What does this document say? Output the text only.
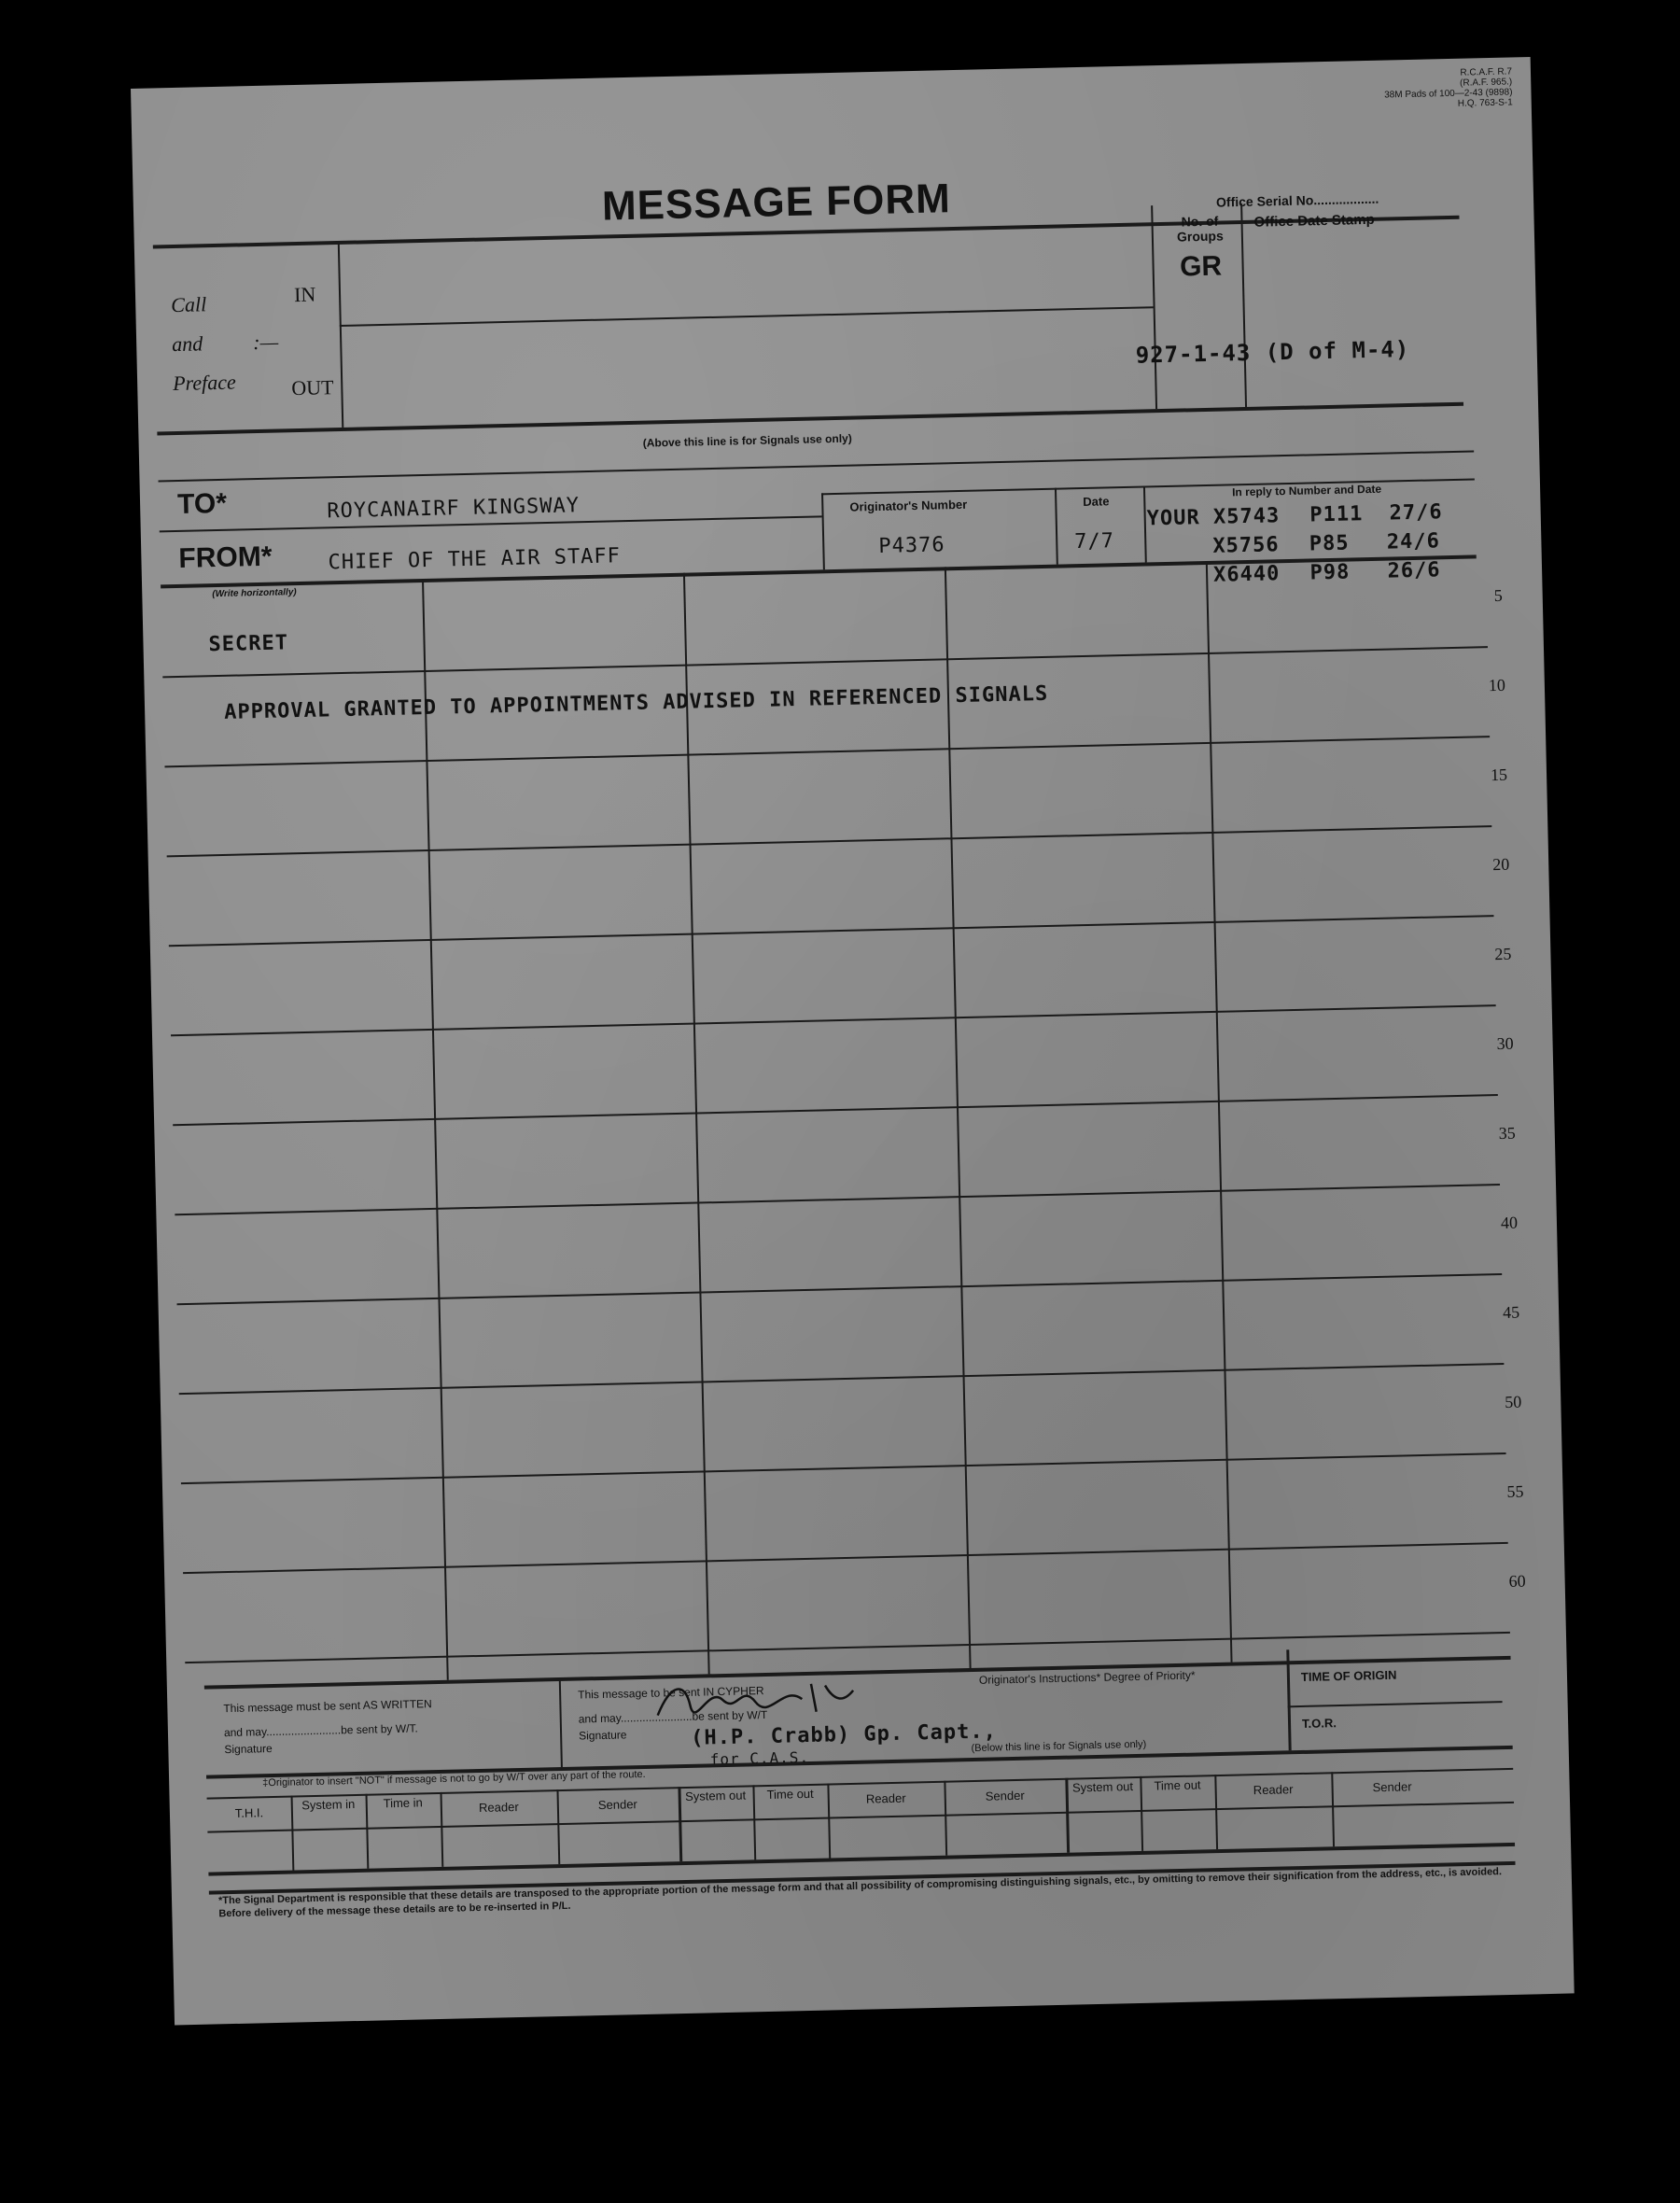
R.C.A.F. R.7
(R.A.F. 965.)
38M Pads of 100—2-43 (9898)
H.Q. 763-S-1
MESSAGE FORM	Office Serial No..................
Call
and :—
Preface
IN
OUT
No. of
Groups
GR
Office Date Stamp
927-1-43 (D of M-4)
(Above this line is for Signals use only)
TO*	ROYCANAIRF KINGSWAY
FROM*	CHIEF OF THE AIR STAFF
Originator's Number
P4376
Date
7/7
In reply to Number and Date
YOUR X5743 P111 27/6
X5756 P85 24/6
X6440 P98 26/6
(Write horizontally)	5
10
15
20
25
30
35
40
45
50
55
60
SECRET
APPROVAL GRANTED TO APPOINTMENTS ADVISED IN REFERENCED SIGNALS
This message must be sent AS WRITTEN
and may........................be sent by W/T.
Signature
This message to be sent IN CYPHER
and may.......................be sent by W/T
Signature	(H.P. Crabb) Gp. Capt.,
for C.A.S.
Originator's Instructions* Degree of Priority*	TIME OF ORIGIN
T.O.R.
(Below this line is for Signals use only)
‡Originator to insert "NOT" if message is not to go by W/T over any part of the route.
T.H.I.
System in	Time in	Reader	Sender
System out	Time out	Reader	Sender
System out	Time out	Reader	Sender
*The Signal Department is responsible that these details are transposed to the appropriate portion of the message form and that all possibility of compromising distinguishing signals, etc., by omitting to remove their signification from the address, etc., is avoided. Before delivery of the message these details are to be re-inserted in P/L.
